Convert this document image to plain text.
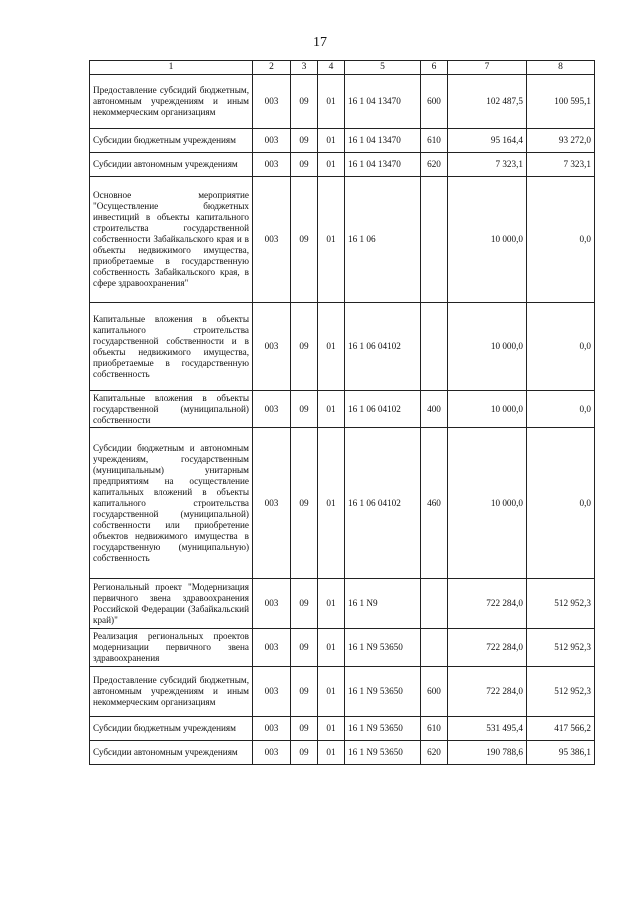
17
1	2	3	4	5	6	7	8
Предоставление субсидий бюджетным, автономным учреждениям и иным некоммерческим организациям	003	09	01	16 1 04 13470	600	102 487,5	100 595,1
Субсидии бюджетным учреждениям	003	09	01	16 1 04 13470	610	95 164,4	93 272,0
Субсидии автономным учреждениям	003	09	01	16 1 04 13470	620	7 323,1	7 323,1
Основное мероприятие "Осуществление бюджетных инвестиций в объекты капитального строительства государственной собственности Забайкальского края и в объекты недвижимого имущества, приобретаемые в государственную собственность Забайкальского края, в сфере здравоохранения"	003	09	01	16 1 06		10 000,0	0,0
Капитальные вложения в объекты капитального строительства государственной собственности и в объекты недвижимого имущества, приобретаемые в государственную собственность	003	09	01	16 1 06 04102		10 000,0	0,0
Капитальные вложения в объекты государственной (муниципальной) собственности	003	09	01	16 1 06 04102	400	10 000,0	0,0
Субсидии бюджетным и автономным учреждениям, государственным (муниципальным) унитарным предприятиям на осуществление капитальных вложений в объекты капитального строительства государственной (муниципальной) собственности или приобретение объектов недвижимого имущества в государственную (муниципальную) собственность	003	09	01	16 1 06 04102	460	10 000,0	0,0
Региональный проект "Модернизация первичного звена здравоохранения Российской Федерации (Забайкальский край)"	003	09	01	16 1 N9		722 284,0	512 952,3
Реализация региональных проектов модернизации первичного звена здравоохранения	003	09	01	16 1 N9 53650		722 284,0	512 952,3
Предоставление субсидий бюджетным, автономным учреждениям и иным некоммерческим организациям	003	09	01	16 1 N9 53650	600	722 284,0	512 952,3
Субсидии бюджетным учреждениям	003	09	01	16 1 N9 53650	610	531 495,4	417 566,2
Субсидии автономным учреждениям	003	09	01	16 1 N9 53650	620	190 788,6	95 386,1
